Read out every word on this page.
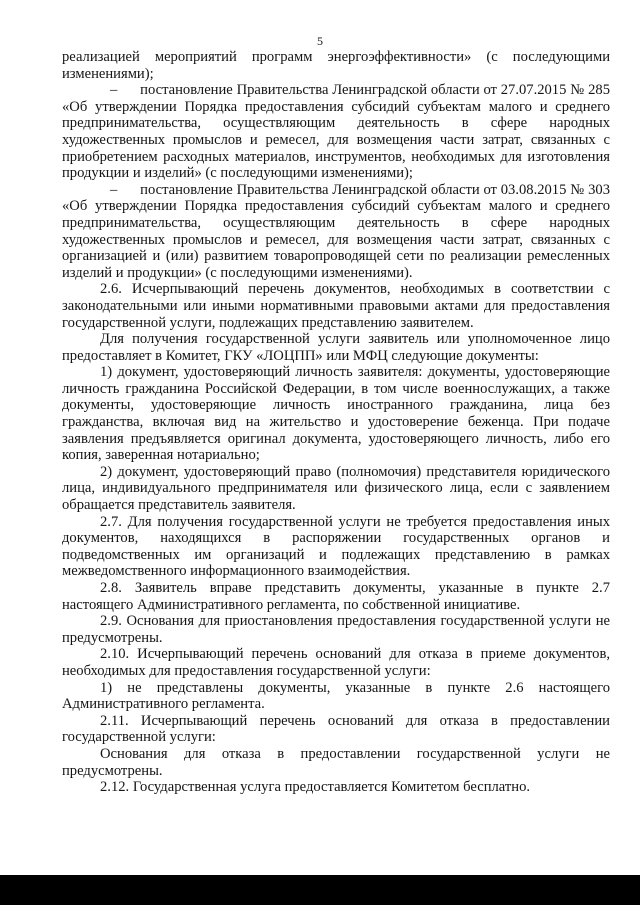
5

реализацией мероприятий программ энергоэффективности» (с последующими изменениями);

–      постановление Правительства Ленинградской области от 27.07.2015 № 285 «Об утверждении Порядка предоставления субсидий субъектам малого и среднего предпринимательства, осуществляющим деятельность в сфере народных художественных промыслов и ремесел, для возмещения части затрат, связанных с приобретением расходных материалов, инструментов, необходимых для изготовления продукции и изделий» (с последующими изменениями);

–      постановление Правительства Ленинградской области от 03.08.2015 № 303 «Об утверждении Порядка предоставления субсидий субъектам малого и среднего предпринимательства, осуществляющим деятельность в сфере народных художественных промыслов и ремесел, для возмещения части затрат, связанных с организацией и (или) развитием товаропроводящей сети по реализации ремесленных изделий и продукции» (с последующими изменениями).

2.6. Исчерпывающий перечень документов, необходимых в соответствии с законодательными или иными нормативными правовыми актами для предоставления государственной услуги, подлежащих представлению заявителем.

Для получения государственной услуги заявитель или уполномоченное лицо предоставляет в Комитет, ГКУ «ЛОЦПП» или МФЦ следующие документы:

1) документ, удостоверяющий личность заявителя: документы, удостоверяющие личность гражданина Российской Федерации, в том числе военнослужащих, а также документы, удостоверяющие личность иностранного гражданина, лица без гражданства, включая вид на жительство и удостоверение беженца. При подаче заявления предъявляется оригинал документа, удостоверяющего личность, либо его копия, заверенная нотариально;

2) документ, удостоверяющий право (полномочия) представителя юридического лица, индивидуального предпринимателя или физического лица, если с заявлением обращается представитель заявителя.

2.7. Для получения государственной услуги не требуется предоставления иных документов, находящихся в распоряжении государственных органов и подведомственных им организаций и подлежащих представлению в рамках межведомственного информационного взаимодействия.

2.8. Заявитель вправе представить документы, указанные в пункте 2.7 настоящего Административного регламента, по собственной инициативе.

2.9. Основания для приостановления предоставления государственной услуги не предусмотрены.

2.10. Исчерпывающий перечень оснований для отказа в приеме документов, необходимых для предоставления государственной услуги:

1) не представлены документы, указанные в пункте 2.6 настоящего Административного регламента.

2.11. Исчерпывающий перечень оснований для отказа в предоставлении государственной услуги:

Основания для отказа в предоставлении государственной услуги не предусмотрены.

2.12. Государственная услуга предоставляется Комитетом бесплатно.
